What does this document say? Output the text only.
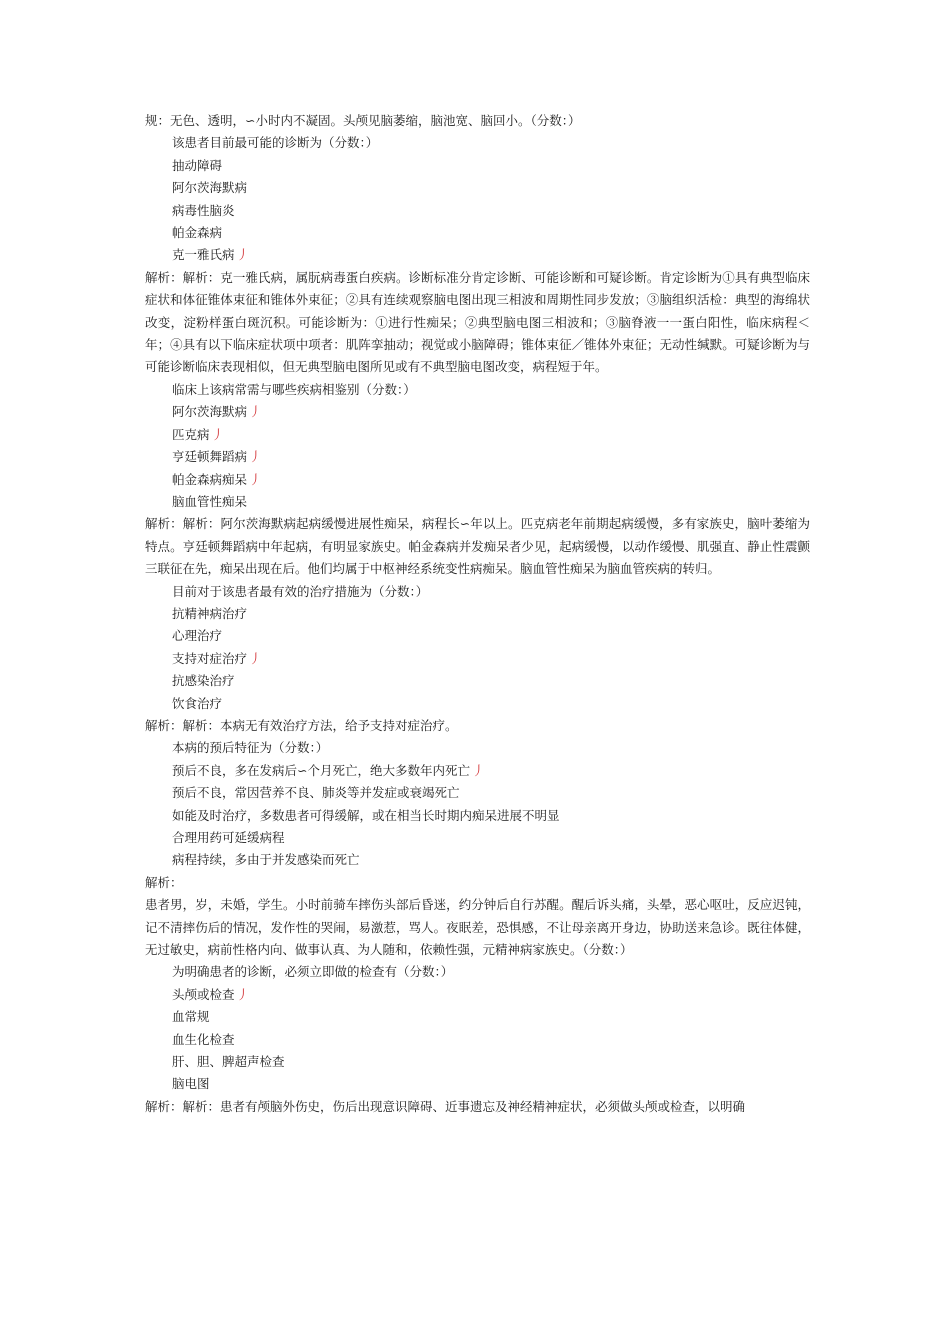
规：无色、透明，∽小时内不凝固。头颅见脑萎缩，脑池宽、脑回小。（分数：）

该患者目前最可能的诊断为（分数：）

抽动障碍

阿尔茨海默病

病毒性脑炎

帕金森病

克一雅氏病 丿

解析：解析：克一雅氏病，属朊病毒蛋白疾病。诊断标准分肯定诊断、可能诊断和可疑诊断。肯定诊断为①具有典型临床症状和体征锥体束征和锥体外束征；②具有连续观察脑电图出现三相波和周期性同步发放；③脑组织活检：典型的海绵状改变，淀粉样蛋白斑沉积。可能诊断为：①进行性痴呆；②典型脑电图三相波和；③脑脊液一一蛋白阳性，临床病程＜年；④具有以下临床症状项中项者：肌阵挛抽动；视觉或小脑障碍；锥体束征／锥体外束征；无动性缄默。可疑诊断为与可能诊断临床表现相似，但无典型脑电图所见或有不典型脑电图改变，病程短于年。

临床上该病常需与哪些疾病相鉴别（分数：）

阿尔茨海默病 丿

匹克病 丿

亨廷顿舞蹈病 丿

帕金森病痴呆 丿

脑血管性痴呆

解析：解析：阿尔茨海默病起病缓慢进展性痴呆，病程长∽年以上。匹克病老年前期起病缓慢，多有家族史，脑叶萎缩为特点。亨廷顿舞蹈病中年起病，有明显家族史。帕金森病并发痴呆者少见，起病缓慢，以动作缓慢、肌强直、静止性震颤三联征在先，痴呆出现在后。他们均属于中枢神经系统变性病痴呆。脑血管性痴呆为脑血管疾病的转归。

目前对于该患者最有效的治疗措施为（分数：）

抗精神病治疗

心理治疗

支持对症治疗 丿

抗感染治疗

饮食治疗

解析：解析：本病无有效治疗方法，给予支持对症治疗。

本病的预后特征为（分数：）

预后不良，多在发病后∽个月死亡，绝大多数年内死亡 丿

预后不良，常因营养不良、肺炎等并发症或衰竭死亡

如能及时治疗，多数患者可得缓解，或在相当长时期内痴呆进展不明显

合理用药可延缓病程

病程持续，多由于并发感染而死亡

解析：

患者男，岁，未婚，学生。小时前骑车摔伤头部后昏迷，约分钟后自行苏醒。醒后诉头痛，头晕，恶心呕吐，反应迟钝，记不清摔伤后的情况，发作性的哭闹，易激惹，骂人。夜眠差，恐惧感，不让母亲离开身边，协助送来急诊。既往体健，无过敏史，病前性格内向、做事认真、为人随和，依赖性强，元精神病家族史。（分数：）

为明确患者的诊断，必须立即做的检查有（分数：）

头颅或检查 丿

血常规

血生化检查

肝、胆、脾超声检查

脑电图

解析：解析：患者有颅脑外伤史，伤后出现意识障碍、近事遗忘及神经精神症状，必须做头颅或检查，以明确
